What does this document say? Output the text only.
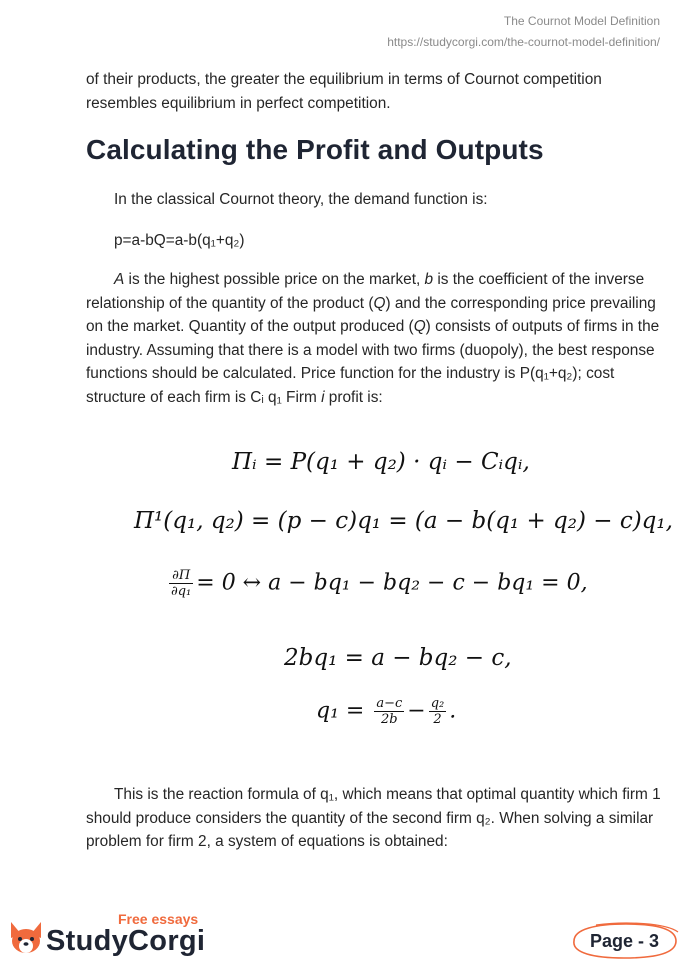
The Cournot Model Definition
https://studycorgi.com/the-cournot-model-definition/

of their products, the greater the equilibrium in terms of Cournot competition resembles equilibrium in perfect competition.

Calculating the Profit and Outputs

In the classical Cournot theory, the demand function is:

p=a-bQ=a-b(q₁+q₂)

A is the highest possible price on the market, b is the coefficient of the inverse relationship of the quantity of the product (Q) and the corresponding price prevailing on the market. Quantity of the output produced (Q) consists of outputs of firms in the industry. Assuming that there is a model with two firms (duopoly), the best response functions should be calculated. Price function for the industry is P(q₁+q₂); cost structure of each firm is Cᵢ q₁ Firm i profit is:

Πᵢ = P(q₁ + q₂) · qᵢ − Cᵢqᵢ,
Π¹(q₁, q₂) = (p − c)q₁ = (a − b(q₁ + q₂) − c)q₁,
$\frac{\partial\Pi}{\text{∂q₁}} = 0$ ↔ a − bq₁ − bq₂ − c − bq₁ = 0,
2bq₁ = a − bq₂ − c,
$q_1 = \frac{a-c}{2b} - \frac{\text{q₂}}{2}$ .

This is the reaction formula of q₁, which means that optimal quantity which firm 1 should produce considers the quantity of the second firm q₂. When solving a similar problem for firm 2, a system of equations is obtained:

Free essays
StudyCorgi	Page - 3
